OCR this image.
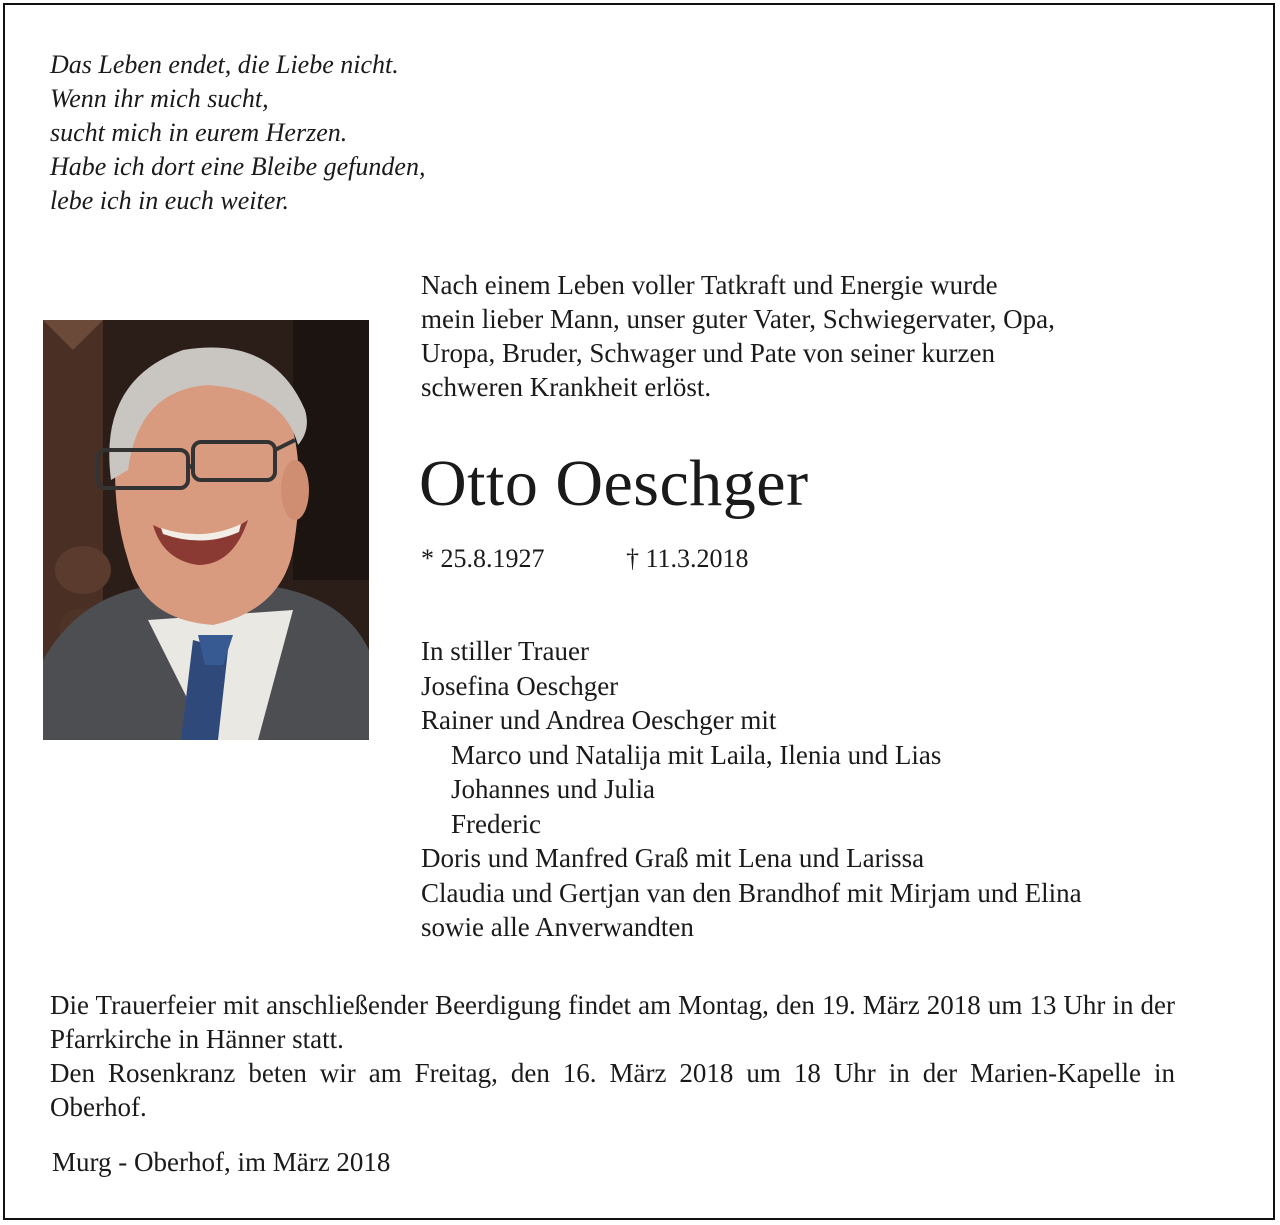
Das Leben endet, die Liebe nicht.
Wenn ihr mich sucht,
sucht mich in eurem Herzen.
Habe ich dort eine Bleibe gefunden,
lebe ich in euch weiter.
Nach einem Leben voller Tatkraft und Energie wurde
mein lieber Mann, unser guter Vater, Schwiegervater, Opa,
Uropa, Bruder, Schwager und Pate von seiner kurzen
schweren Krankheit erlöst.
Otto Oeschger
* 25.8.1927	† 11.3.2018
In stiller Trauer
Josefina Oeschger
Rainer und Andrea Oeschger mit
Marco und Natalija mit Laila, Ilenia und Lias
Johannes und Julia
Frederic
Doris und Manfred Graß mit Lena und Larissa
Claudia und Gertjan van den Brandhof mit Mirjam und Elina
sowie alle Anverwandten

Die Trauerfeier mit anschließender Beerdigung findet am Montag, den 19. März 2018 um 13 Uhr in der Pfarrkirche in Hänner statt.

Den Rosenkranz beten wir am Freitag, den 16. März 2018 um 18 Uhr in der Marien-Kapelle in Oberhof.

Murg - Oberhof, im März 2018
